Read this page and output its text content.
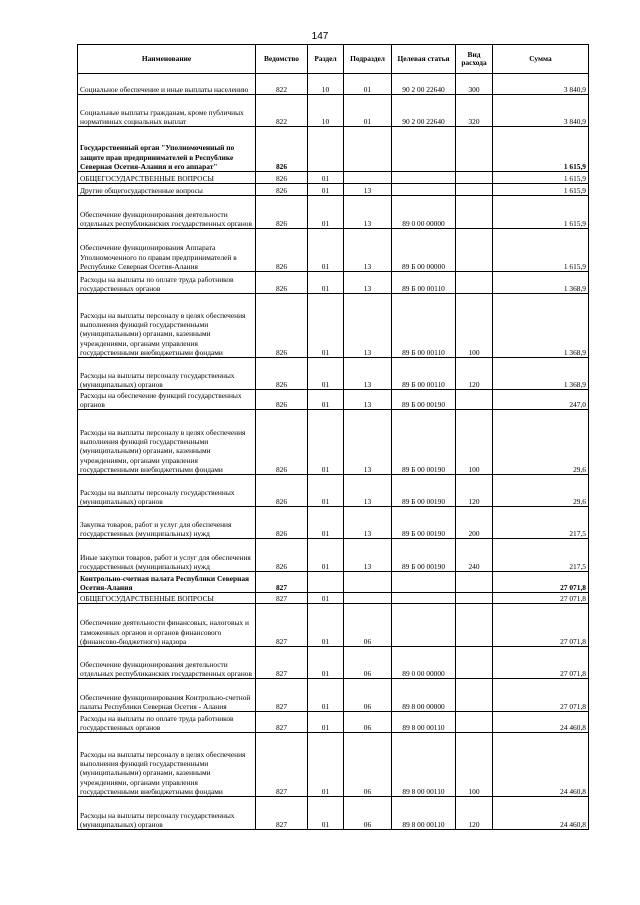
147
Наименование	Ведомство	Раздел	Подраздел	Целевая статья	Вид расхода	Сумма
Социальное обеспечение и иные выплаты населению	822	10	01	90 2 00 22640	300	3 840,9
Социальные выплаты гражданам, кроме публичных нормативных социальных выплат	822	10	01	90 2 00 22640	320	3 840,9
Государственный орган "Уполномоченный по защите прав предпринимателей в Республике Северная Осетия-Алания и его аппарат"	826					1 615,9
ОБЩЕГОСУДАРСТВЕННЫЕ ВОПРОСЫ	826	01				1 615,9
Другие общегосударственные вопросы	826	01	13			1 615,9
Обеспечение функционирования деятельности отдельных республиканских государственных органов	826	01	13	89 0 00 00000		1 615,9
Обеспечение функционирования Аппарата Уполномоченного по правам предпринимателей в Республике Северная Осетия-Алания	826	01	13	89 Б 00 00000		1 615,9
Расходы на выплаты по оплате труда работников государственных органов	826	01	13	89 Б 00 00110		1 368,9
Расходы на выплаты персоналу в целях обеспечения выполнения функций государственными (муниципальными) органами, казенными учреждениями, органами управления государственными внебюджетными фондами	826	01	13	89 Б 00 00110	100	1 368,9
Расходы на выплаты персоналу государственных (муниципальных) органов	826	01	13	89 Б 00 00110	120	1 368,9
Расходы на обеспечение функций государственных органов	826	01	13	89 Б 00 00190		247,0
Расходы на выплаты персоналу в целях обеспечения выполнения функций государственными (муниципальными) органами, казенными учреждениями, органами управления государственными внебюджетными фондами	826	01	13	89 Б 00 00190	100	29,6
Расходы на выплаты персоналу государственных (муниципальных) органов	826	01	13	89 Б 00 00190	120	29,6
Закупка товаров, работ и услуг для обеспечения государственных (муниципальных) нужд	826	01	13	89 Б 00 00190	200	217,5
Иные закупки товаров, работ и услуг для обеспечения государственных (муниципальных) нужд	826	01	13	89 Б 00 00190	240	217,5
Контрольно-счетная палата Республики Северная Осетия-Алания	827					27 071,8
ОБЩЕГОСУДАРСТВЕННЫЕ ВОПРОСЫ	827	01				27 071,8
Обеспечение деятельности финансовых, налоговых и таможенных органов и органов финансового (финансово-бюджетного) надзора	827	01	06			27 071,8
Обеспечение функционирования деятельности отдельных республиканских государственных органов	827	01	06	89 0 00 00000		27 071,8
Обеспечение функционирования Контрольно-счетной палаты Республики Северная Осетия - Алания	827	01	06	89 8 00 00000		27 071,8
Расходы на выплаты по оплате труда работников государственных органов	827	01	06	89 8 00 00110		24 460,8
Расходы на выплаты персоналу в целях обеспечения выполнения функций государственными (муниципальными) органами, казенными учреждениями, органами управления государственными внебюджетными фондами	827	01	06	89 8 00 00110	100	24 460,8
Расходы на выплаты персоналу государственных (муниципальных) органов	827	01	06	89 8 00 00110	120	24 460,8
